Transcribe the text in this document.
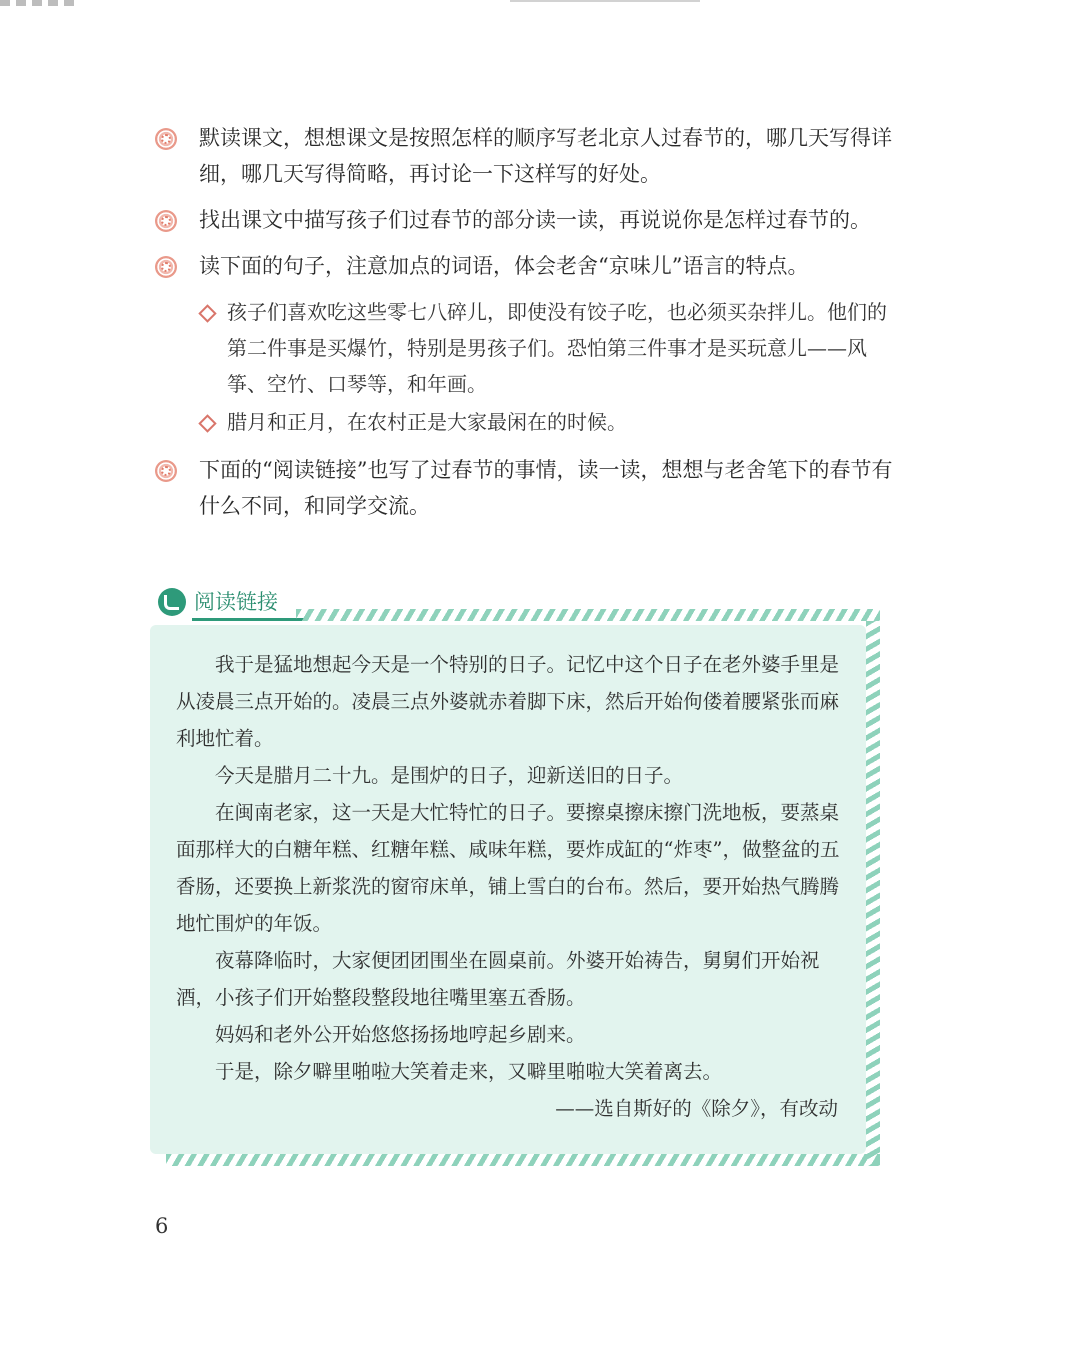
默读课文，想想课文是按照怎样的顺序写老北京人过春节的，哪几天写得详细，哪几天写得简略，再讨论一下这样写的好处。
找出课文中描写孩子们过春节的部分读一读，再说说你是怎样过春节的。
读下面的句子，注意加点的词语，体会老舍“京味儿”语言的特点。
孩子们喜欢吃这些零七八碎儿，即使没有饺子吃，也必须买杂拌儿。他们的第二件事是买爆竹，特别是男孩子们。恐怕第三件事才是买玩意儿——风筝、空竹、口琴等，和年画。
腊月和正月，在农村正是大家最闲在的时候。
下面的“阅读链接”也写了过春节的事情，读一读，想想与老舍笔下的春节有什么不同，和同学交流。
阅读链接

我于是猛地想起今天是一个特别的日子。记忆中这个日子在老外婆手里是从凌晨三点开始的。凌晨三点外婆就赤着脚下床，然后开始佝偻着腰紧张而麻利地忙着。

今天是腊月二十九。是围炉的日子，迎新送旧的日子。

在闽南老家，这一天是大忙特忙的日子。要擦桌擦床擦门洗地板，要蒸桌面那样大的白糖年糕、红糖年糕、咸味年糕，要炸成缸的“炸枣”，做整盆的五香肠，还要换上新浆洗的窗帘床单，铺上雪白的台布。然后，要开始热气腾腾地忙围炉的年饭。

夜幕降临时，大家便团团围坐在圆桌前。外婆开始祷告，舅舅们开始祝酒，小孩子们开始整段整段地往嘴里塞五香肠。

妈妈和老外公开始悠悠扬扬地哼起乡剧来。

于是，除夕噼里啪啦大笑着走来，又噼里啪啦大笑着离去。

——选自斯好的《除夕》，有改动

6
